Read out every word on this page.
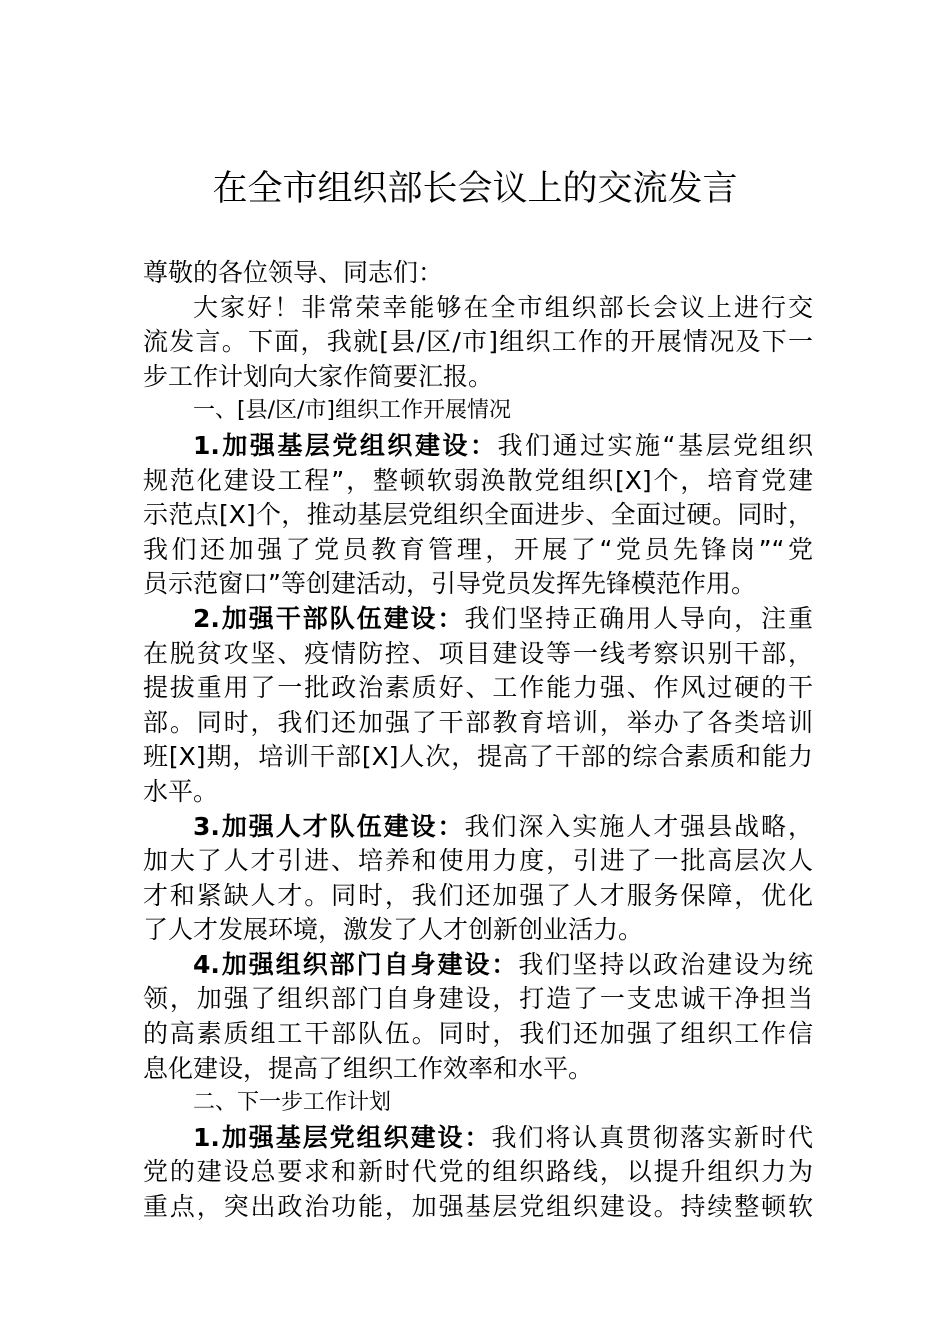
在全市组织部长会议上的交流发言
尊敬的各位领导、同志们：
大家好！非常荣幸能够在全市组织部长会议上进行交
流发言。下面，我就[县/区/市]组织工作的开展情况及下一
步工作计划向大家作简要汇报。
一、[县/区/市]组织工作开展情况
1.加强基层党组织建设：我们通过实施“基层党组织
规范化建设工程”，整顿软弱涣散党组织[X]个，培育党建
示范点[X]个，推动基层党组织全面进步、全面过硬。同时，
我们还加强了党员教育管理，开展了“党员先锋岗”“党
员示范窗口”等创建活动，引导党员发挥先锋模范作用。
2.加强干部队伍建设：我们坚持正确用人导向，注重
在脱贫攻坚、疫情防控、项目建设等一线考察识别干部，
提拔重用了一批政治素质好、工作能力强、作风过硬的干
部。同时，我们还加强了干部教育培训，举办了各类培训
班[X]期，培训干部[X]人次，提高了干部的综合素质和能力
水平。
3.加强人才队伍建设：我们深入实施人才强县战略，
加大了人才引进、培养和使用力度，引进了一批高层次人
才和紧缺人才。同时，我们还加强了人才服务保障，优化
了人才发展环境，激发了人才创新创业活力。
4.加强组织部门自身建设：我们坚持以政治建设为统
领，加强了组织部门自身建设，打造了一支忠诚干净担当
的高素质组工干部队伍。同时，我们还加强了组织工作信
息化建设，提高了组织工作效率和水平。
二、下一步工作计划
1.加强基层党组织建设：我们将认真贯彻落实新时代
党的建设总要求和新时代党的组织路线，以提升组织力为
重点，突出政治功能，加强基层党组织建设。持续整顿软
